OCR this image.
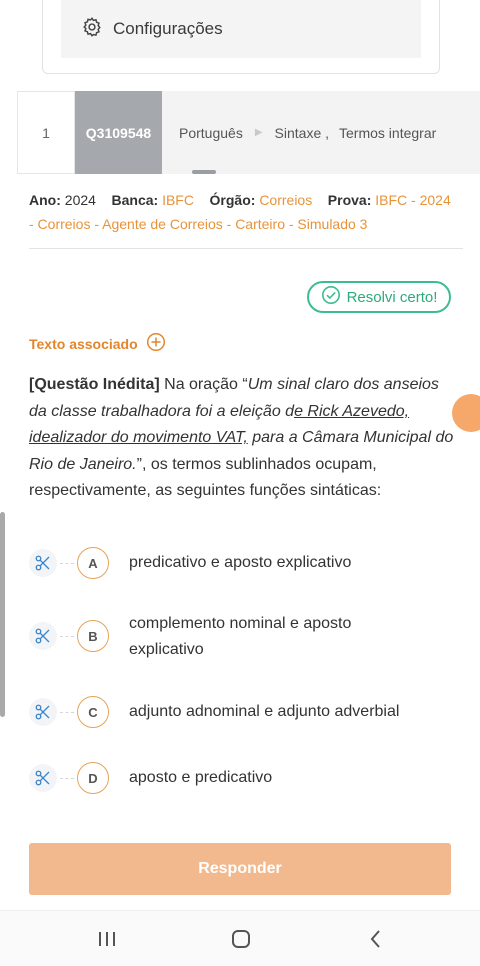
Configurações
1	Q3109548	Português ▶ Sintaxe , Termos integrar
Ano: 2024 Banca: IBFC Órgão: Correios Prova: IBFC - 2024 - Correios - Agente de Correios - Carteiro - Simulado 3
Resolvi certo!
Texto associado
[Questão Inédita] Na oração “Um sinal claro dos anseios da classe trabalhadora foi a eleição de Rick Azevedo, idealizador do movimento VAT, para a Câmara Municipal do Rio de Janeiro.”, os termos sublinhados ocupam, respectivamente, as seguintes funções sintáticas:
A	predicativo e aposto explicativo
B
complemento nominal e aposto explicativo
C	adjunto adnominal e adjunto adverbial
D	aposto e predicativo
Responder
